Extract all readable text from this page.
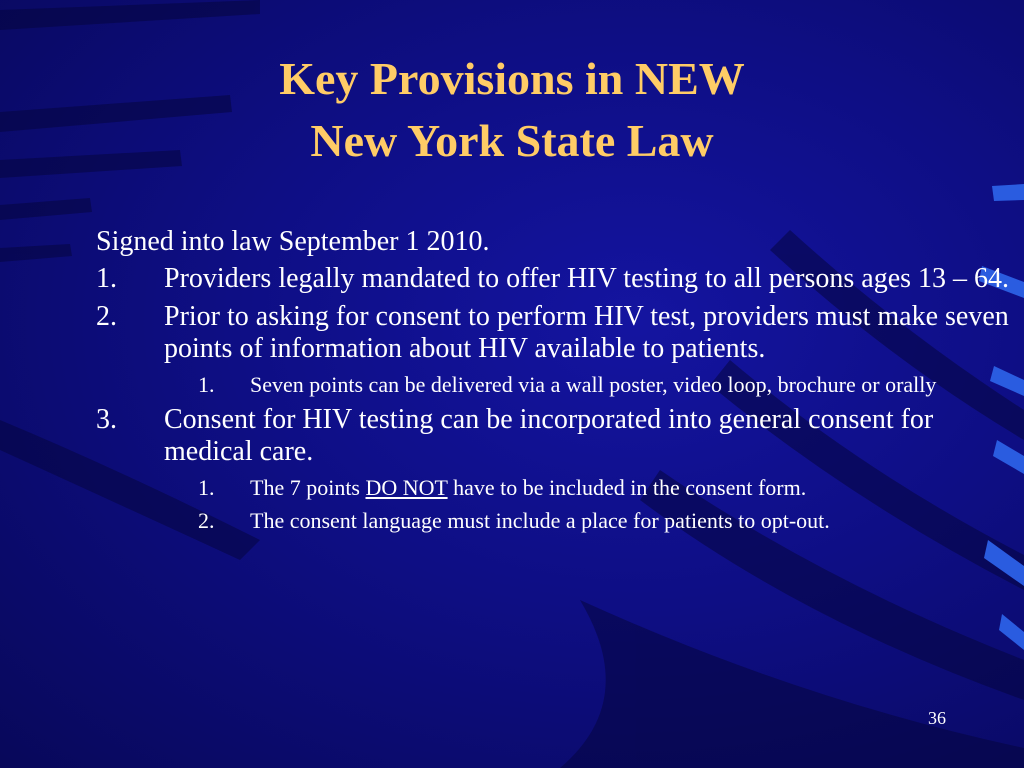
Key Provisions in NEW
New York State Law

Signed into law September 1 2010.

1. Providers legally mandated to offer HIV testing to all persons ages 13 – 64.
2. Prior to asking for consent to perform HIV test, providers must make seven points of information about HIV available to patients.
1. Seven points can be delivered via a wall poster, video loop, brochure or orally
3. Consent for HIV testing can be incorporated into general consent for medical care.
1. The 7 points DO NOT have to be included in the consent form.
2. The consent language must include a place for patients to opt-out.
36
